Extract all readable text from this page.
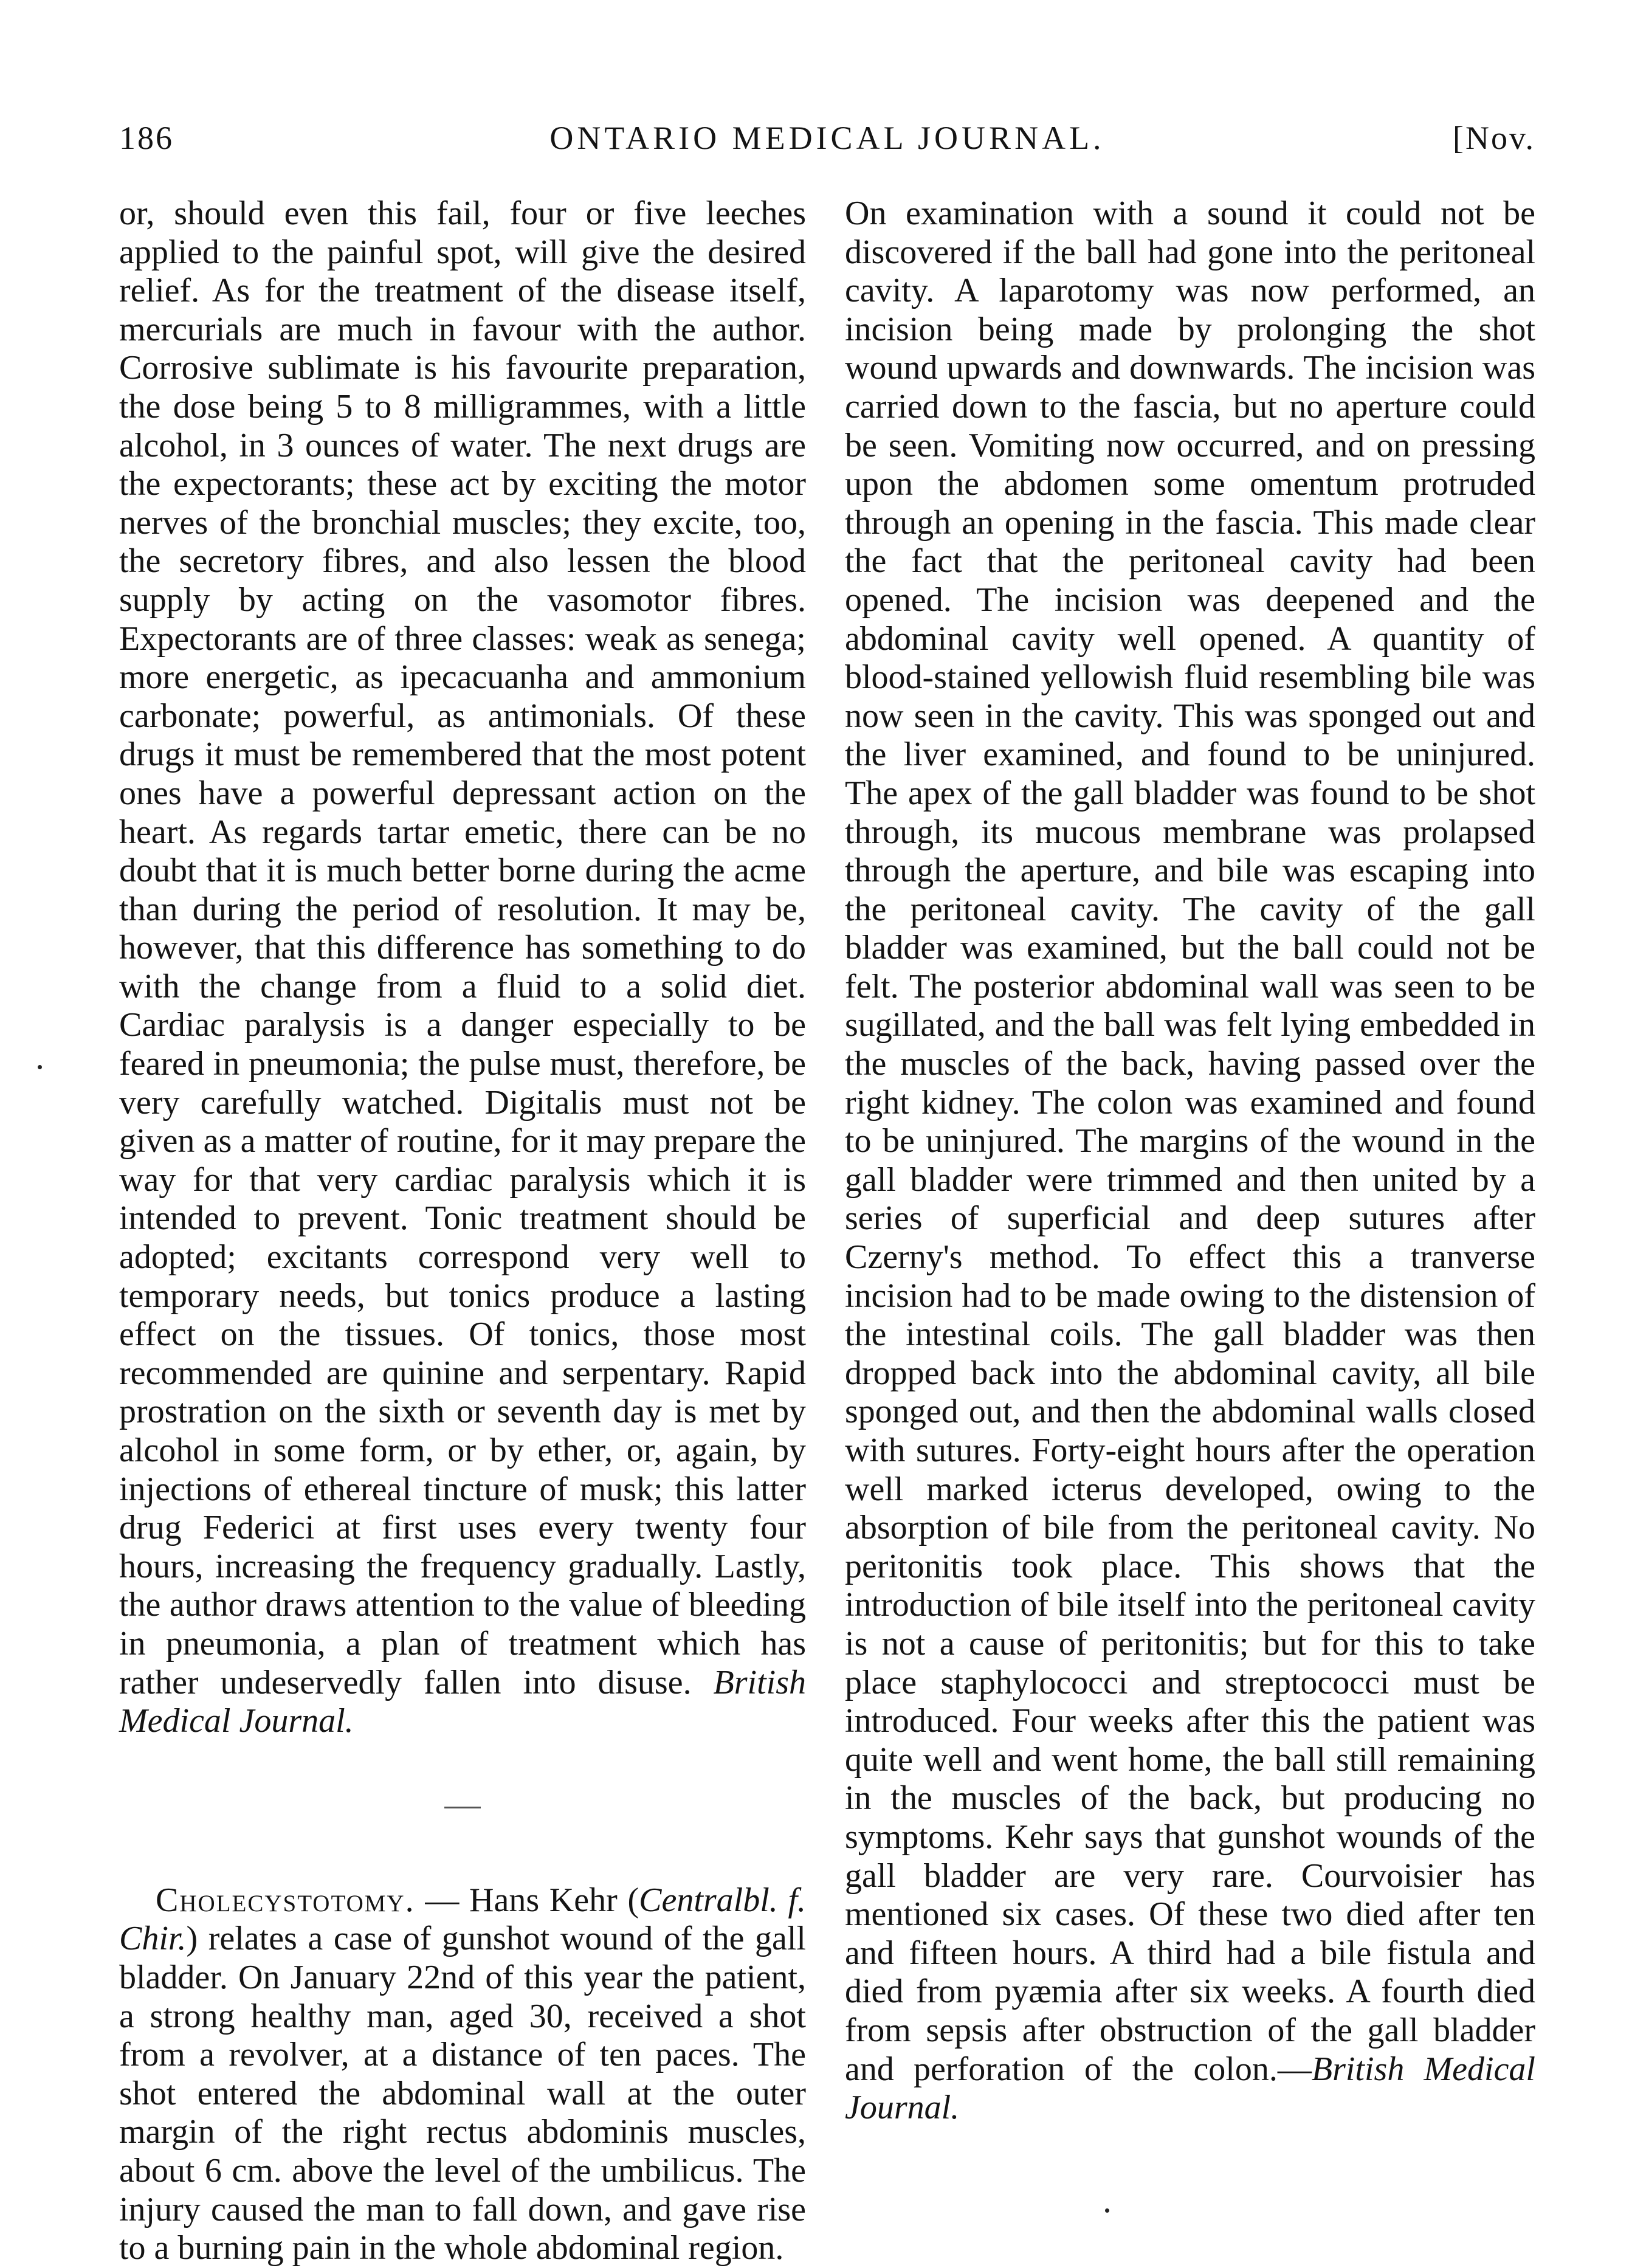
186	ONTARIO MEDICAL JOURNAL.	[Nov.

or, should even this fail, four or five leeches applied to the painful spot, will give the desired relief. As for the treatment of the disease itself, mercurials are much in favour with the author. Corrosive sublimate is his favourite preparation, the dose being 5 to 8 milligrammes, with a little alcohol, in 3 ounces of water. The next drugs are the expectorants; these act by exciting the motor nerves of the bronchial muscles; they excite, too, the secretory fibres, and also lessen the blood supply by acting on the vasomotor fibres. Expectorants are of three classes: weak as senega; more energetic, as ipecacuanha and ammonium carbonate; powerful, as antimonials. Of these drugs it must be remembered that the most potent ones have a powerful depressant action on the heart. As regards tartar emetic, there can be no doubt that it is much better borne during the acme than during the period of resolution. It may be, however, that this difference has something to do with the change from a fluid to a solid diet. Cardiac paralysis is a danger especially to be feared in pneumonia; the pulse must, therefore, be very carefully watched. Digitalis must not be given as a matter of routine, for it may prepare the way for that very cardiac paralysis which it is intended to prevent. Tonic treatment should be adopted; excitants correspond very well to temporary needs, but tonics produce a lasting effect on the tissues. Of tonics, those most recommended are quinine and serpentary. Rapid prostration on the sixth or seventh day is met by alcohol in some form, or by ether, or, again, by injections of ethereal tincture of musk; this latter drug Federici at first uses every twenty four hours, increasing the frequency gradually. Lastly, the author draws attention to the value of bleeding in pneumonia, a plan of treatment which has rather undeservedly fallen into disuse. British Medical Journal.

Cholecystotomy. — Hans Kehr (Centralbl. f. Chir.) relates a case of gunshot wound of the gall bladder. On January 22nd of this year the patient, a strong healthy man, aged 30, received a shot from a revolver, at a distance of ten paces. The shot entered the abdominal wall at the outer margin of the right rectus abdominis muscles, about 6 cm. above the level of the umbilicus. The injury caused the man to fall down, and gave rise to a burning pain in the whole abdominal region.

On examination with a sound it could not be discovered if the ball had gone into the peritoneal cavity. A laparotomy was now performed, an incision being made by prolonging the shot wound upwards and downwards. The incision was carried down to the fascia, but no aperture could be seen. Vomiting now occurred, and on pressing upon the abdomen some omentum protruded through an opening in the fascia. This made clear the fact that the peritoneal cavity had been opened. The incision was deepened and the abdominal cavity well opened. A quantity of blood-stained yellowish fluid resembling bile was now seen in the cavity. This was sponged out and the liver examined, and found to be uninjured. The apex of the gall bladder was found to be shot through, its mucous membrane was prolapsed through the aperture, and bile was escaping into the peritoneal cavity. The cavity of the gall bladder was examined, but the ball could not be felt. The posterior abdominal wall was seen to be sugillated, and the ball was felt lying embedded in the muscles of the back, having passed over the right kidney. The colon was examined and found to be uninjured. The margins of the wound in the gall bladder were trimmed and then united by a series of superficial and deep sutures after Czerny's method. To effect this a tranverse incision had to be made owing to the distension of the intestinal coils. The gall bladder was then dropped back into the abdominal cavity, all bile sponged out, and then the abdominal walls closed with sutures. Forty-eight hours after the operation well marked icterus developed, owing to the absorption of bile from the peritoneal cavity. No peritonitis took place. This shows that the introduction of bile itself into the peritoneal cavity is not a cause of peritonitis; but for this to take place staphylococci and streptococci must be introduced. Four weeks after this the patient was quite well and went home, the ball still remaining in the muscles of the back, but producing no symptoms. Kehr says that gunshot wounds of the gall bladder are very rare. Courvoisier has mentioned six cases. Of these two died after ten and fifteen hours. A third had a bile fistula and died from pyæmia after six weeks. A fourth died from sepsis after obstruction of the gall bladder and perforation of the colon.—British Medical Journal.
